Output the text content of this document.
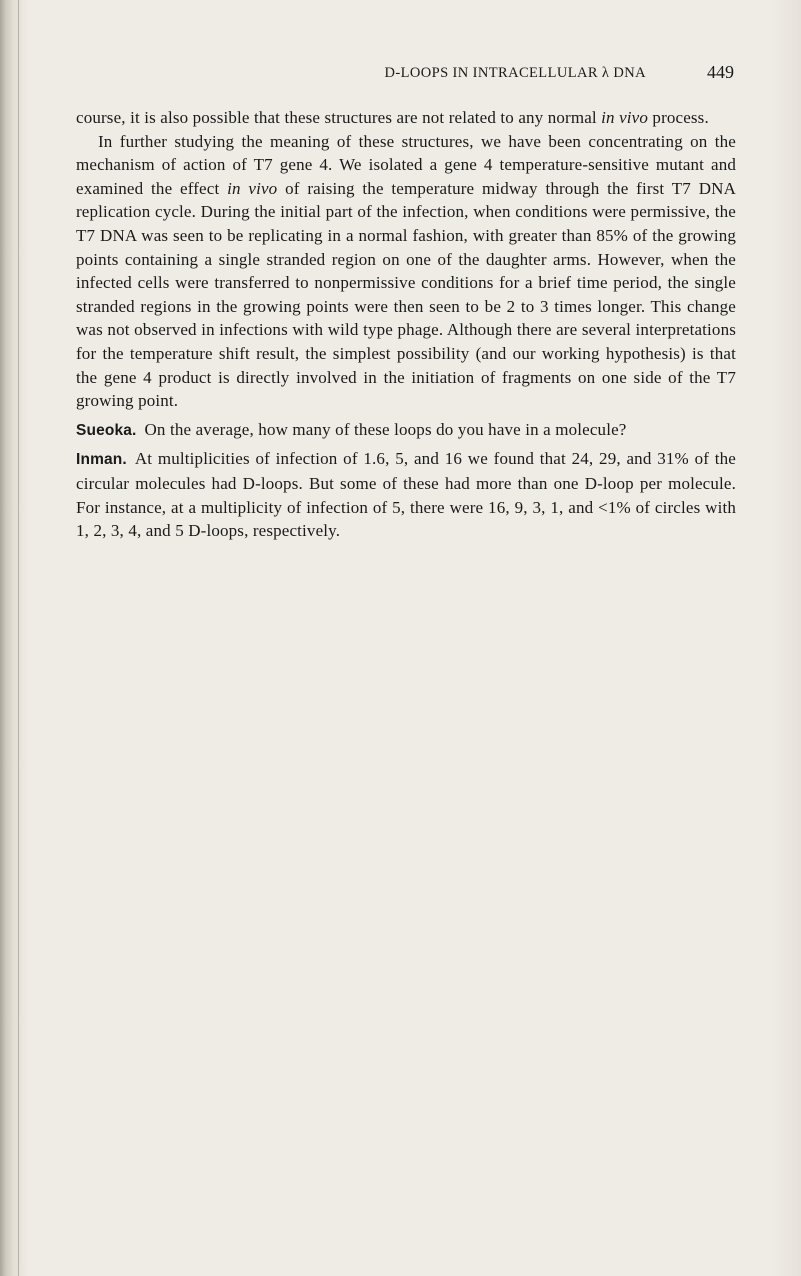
D-LOOPS IN INTRACELLULAR λ DNA	449

course, it is also possible that these structures are not related to any normal in vivo process.

In further studying the meaning of these structures, we have been concentrating on the mechanism of action of T7 gene 4. We isolated a gene 4 temperature-sensitive mutant and examined the effect in vivo of raising the temperature midway through the first T7 DNA replication cycle. During the initial part of the infection, when conditions were permissive, the T7 DNA was seen to be replicating in a normal fashion, with greater than 85% of the growing points containing a single stranded region on one of the daughter arms. However, when the infected cells were transferred to nonpermissive conditions for a brief time period, the single stranded regions in the growing points were then seen to be 2 to 3 times longer. This change was not observed in infections with wild type phage. Although there are several interpretations for the temperature shift result, the simplest possibility (and our working hypothesis) is that the gene 4 product is directly involved in the initiation of fragments on one side of the T7 growing point.

Sueoka. On the average, how many of these loops do you have in a molecule?

Inman. At multiplicities of infection of 1.6, 5, and 16 we found that 24, 29, and 31% of the circular molecules had D-loops. But some of these had more than one D-loop per molecule. For instance, at a multiplicity of infection of 5, there were 16, 9, 3, 1, and <1% of circles with 1, 2, 3, 4, and 5 D-loops, respectively.
